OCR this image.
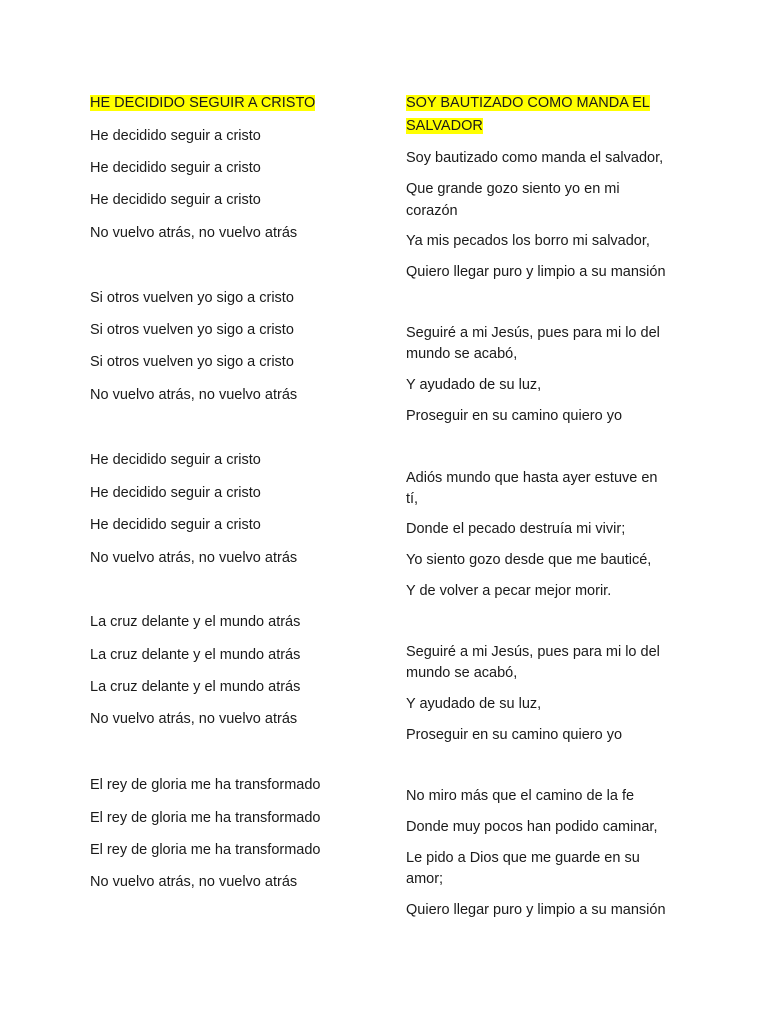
HE DECIDIDO SEGUIR A CRISTO
He decidido seguir a cristo
He decidido seguir a cristo
He decidido seguir a cristo
No vuelvo atrás, no vuelvo atrás
Si otros vuelven yo sigo a cristo
Si otros vuelven yo sigo a cristo
Si otros vuelven yo sigo a cristo
No vuelvo atrás, no vuelvo atrás
He decidido seguir a cristo
He decidido seguir a cristo
He decidido seguir a cristo
No vuelvo atrás, no vuelvo atrás
La cruz delante y el mundo atrás
La cruz delante y el mundo atrás
La cruz delante y el mundo atrás
No vuelvo atrás, no vuelvo atrás
El rey de gloria me ha transformado
El rey de gloria me ha transformado
El rey de gloria me ha transformado
No vuelvo atrás, no vuelvo atrás
SOY BAUTIZADO COMO MANDA EL
SALVADOR
Soy bautizado como manda el salvador,
Que grande gozo siento yo en mi
corazón
Ya mis pecados los borro mi salvador,
Quiero llegar puro y limpio a su mansión
Seguiré a mi Jesús, pues para mi lo del
mundo se acabó,
Y ayudado de su luz,
Proseguir en su camino quiero yo
Adiós mundo que hasta ayer estuve en
tí,
Donde el pecado destruía mi vivir;
Yo siento gozo desde que me bauticé,
Y de volver a pecar mejor morir.
Seguiré a mi Jesús, pues para mi lo del
mundo se acabó,
Y ayudado de su luz,
Proseguir en su camino quiero yo
No miro más que el camino de la fe
Donde muy pocos han podido caminar,
Le pido a Dios que me guarde en su
amor;
Quiero llegar puro y limpio a su mansión
